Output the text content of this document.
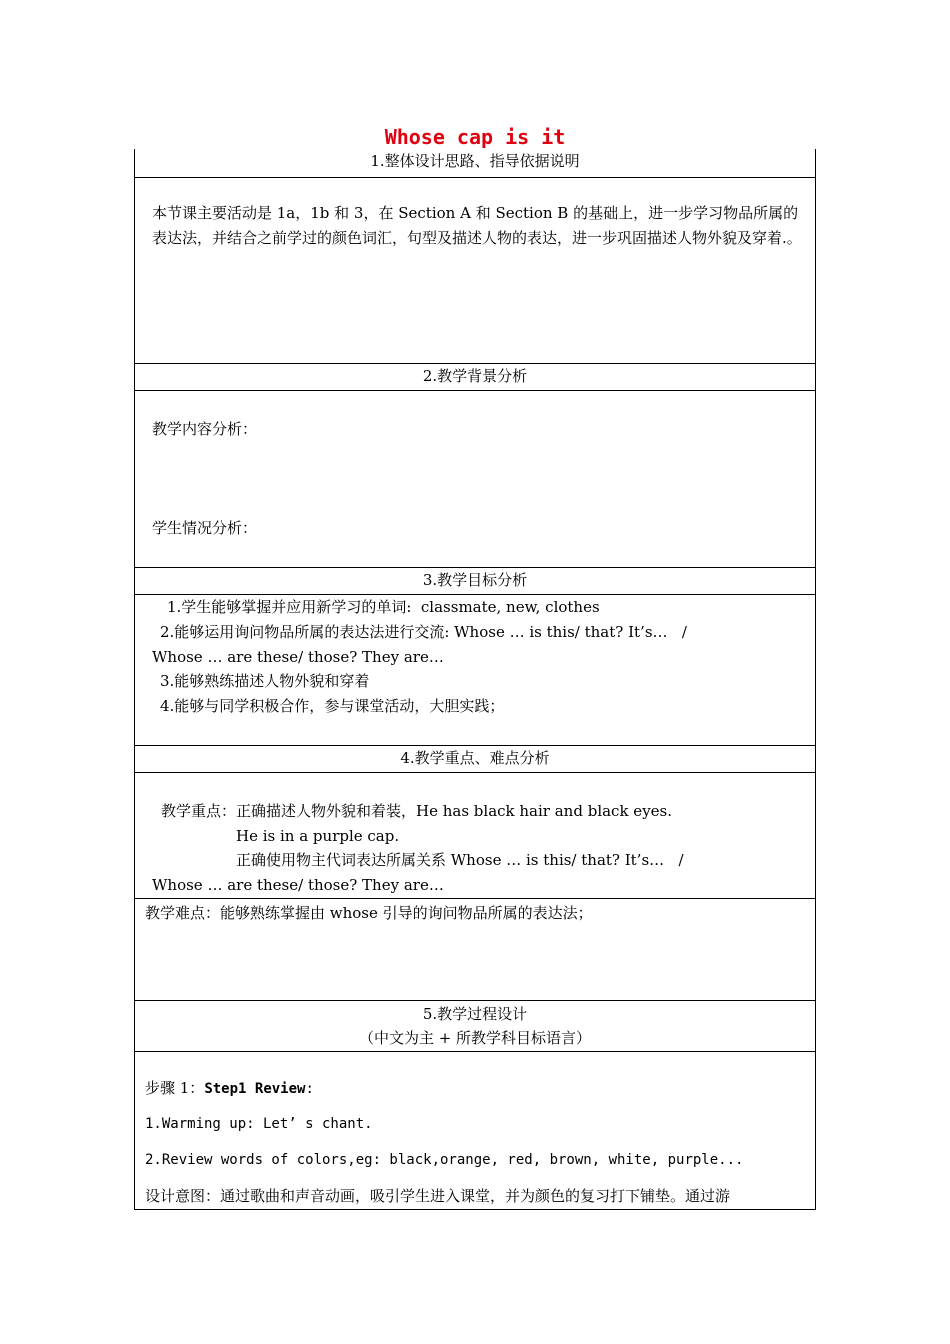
Whose cap is it
1.整体设计思路、指导依据说明
本节课主要活动是 1a，1b 和 3，在 Section A 和 Section B 的基础上，进一步学习物品所属的表达法，并结合之前学过的颜色词汇，句型及描述人物的表达，进一步巩固描述人物外貌及穿着.。
2.教学背景分析
教学内容分析：
学生情况分析：
3.教学目标分析
1.学生能够掌握并应用新学习的单词:  classmate, new, clothes
2.能够运用询问物品所属的表达法进行交流: Whose … is this/ that? It’s…   /
Whose … are these/ those? They are…
3.能够熟练描述人物外貌和穿着
4.能够与同学积极合作，参与课堂活动，大胆实践；
4.教学重点、难点分析
教学重点：正确描述人物外貌和着装，He has black hair and black eyes.
He is in a purple cap.
正确使用物主代词表达所属关系 Whose … is this/ that? It’s…   /
Whose … are these/ those? They are…
教学难点：能够熟练掌握由 whose 引导的询问物品所属的表达法；
5.教学过程设计
（中文为主 + 所教学科目标语言）
步骤 1：Step1 Review:
1.Warming up: Let’ s chant.
2.Review words of colors,eg: black,orange, red, brown, white, purple...
设计意图：通过歌曲和声音动画，吸引学生进入课堂，并为颜色的复习打下铺垫。通过游
